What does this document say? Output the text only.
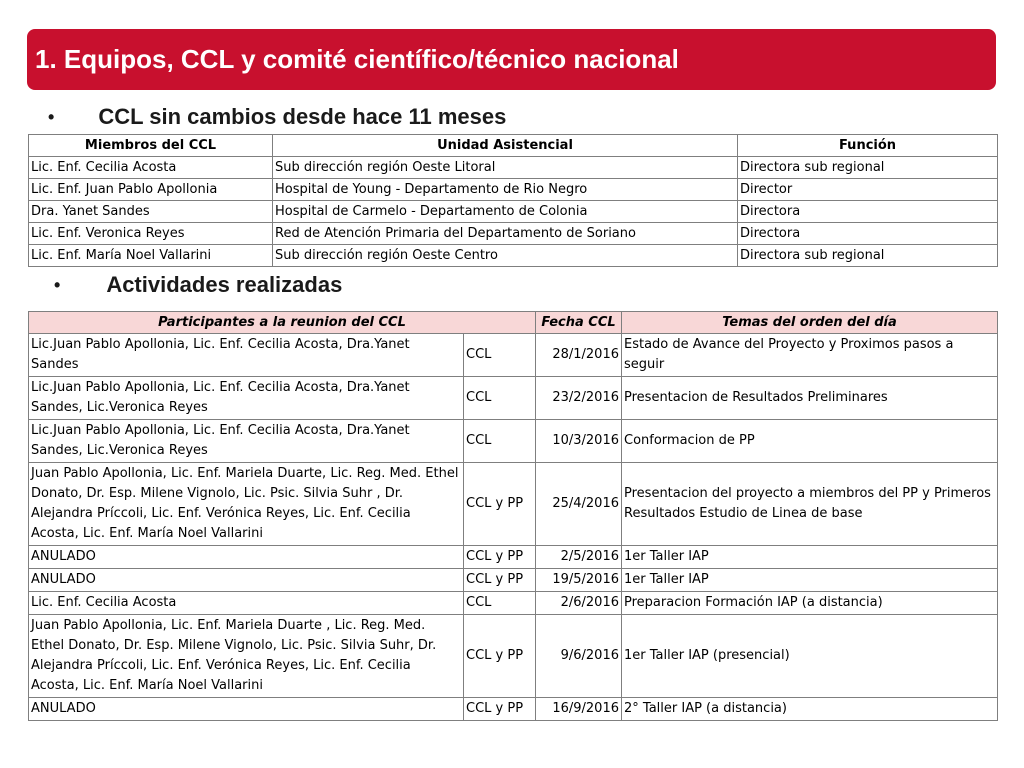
1. Equipos, CCL y comité científico/técnico nacional
• CCL sin cambios desde hace 11 meses
Miembros del CCL	Unidad Asistencial	Función
Lic. Enf. Cecilia Acosta	Sub dirección región Oeste Litoral	Directora sub regional
Lic. Enf. Juan Pablo Apollonia	Hospital de Young - Departamento de Rio Negro	Director
Dra. Yanet Sandes	Hospital de Carmelo - Departamento de Colonia	Directora
Lic. Enf. Veronica Reyes	Red de Atención Primaria del Departamento de Soriano	Directora
Lic. Enf. María Noel Vallarini	Sub dirección región Oeste Centro	Directora sub regional
• Actividades realizadas
Participantes a la reunion del CCL		Fecha CCL	Temas del orden del día
Lic.Juan Pablo Apollonia, Lic. Enf. Cecilia Acosta, Dra.Yanet Sandes	CCL	28/1/2016	Estado de Avance del Proyecto y Proximos pasos a seguir
Lic.Juan Pablo Apollonia, Lic. Enf. Cecilia Acosta, Dra.Yanet Sandes, Lic.Veronica Reyes	CCL	23/2/2016	Presentacion de Resultados Preliminares
Lic.Juan Pablo Apollonia, Lic. Enf. Cecilia Acosta, Dra.Yanet Sandes, Lic.Veronica Reyes	CCL	10/3/2016	Conformacion de PP
Juan Pablo Apollonia, Lic. Enf. Mariela Duarte, Lic. Reg. Med. Ethel Donato, Dr. Esp. Milene Vignolo, Lic. Psic. Silvia Suhr , Dr. Alejandra Príccoli, Lic. Enf. Verónica Reyes, Lic. Enf. Cecilia Acosta, Lic. Enf. María Noel Vallarini	CCL y PP	25/4/2016	Presentacion del proyecto a miembros del PP y Primeros Resultados Estudio de Linea de base
ANULADO	CCL y PP	2/5/2016	1er Taller IAP
ANULADO	CCL y PP	19/5/2016	1er Taller IAP
Lic. Enf. Cecilia Acosta	CCL	2/6/2016	Preparacion Formación IAP (a distancia)
Juan Pablo Apollonia, Lic. Enf. Mariela Duarte , Lic. Reg. Med. Ethel Donato, Dr. Esp. Milene Vignolo, Lic. Psic. Silvia Suhr, Dr. Alejandra Príccoli, Lic. Enf. Verónica Reyes, Lic. Enf. Cecilia Acosta, Lic. Enf. María Noel Vallarini	CCL y PP	9/6/2016	1er Taller IAP (presencial)
ANULADO	CCL y PP	16/9/2016	2° Taller IAP (a distancia)
